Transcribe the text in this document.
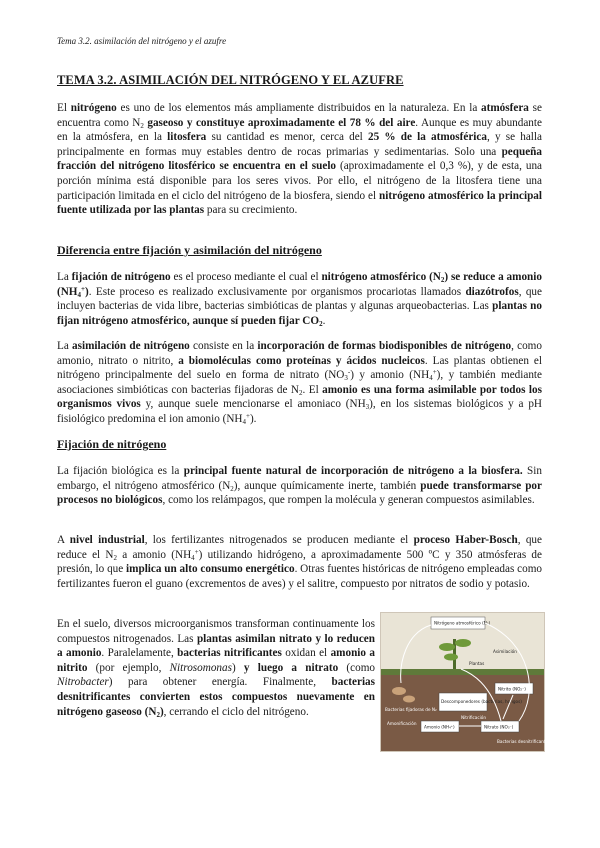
Tema 3.2. asimilación del nitrógeno y el azufre
TEMA 3.2. ASIMILACIÓN DEL NITRÓGENO Y EL AZUFRE

El nitrógeno es uno de los elementos más ampliamente distribuidos en la naturaleza. En la atmósfera se encuentra como $N_2$ gaseoso y constituye aproximadamente el 78 % del aire. Aunque es muy abundante en la atmósfera, en la litosfera su cantidad es menor, cerca del 25 % de la atmosférica, y se halla principalmente en formas muy estables dentro de rocas primarias y sedimentarias. Solo una pequeña fracción del nitrógeno litosférico se encuentra en el suelo (aproximadamente el 0,3 %), y de esta, una porción mínima está disponible para los seres vivos. Por ello, el nitrógeno de la litosfera tiene una participación limitada en el ciclo del nitrógeno de la biosfera, siendo el nitrógeno atmosférico la principal fuente utilizada por las plantas para su crecimiento.

Diferencia entre fijación y asimilación del nitrógeno

La fijación de nitrógeno es el proceso mediante el cual el nitrógeno atmosférico $(N_2)$ se reduce a amonio $(NH_4^+)$. Este proceso es realizado exclusivamente por organismos procariotas llamados diazótrofos, que incluyen bacterias de vida libre, bacterias simbióticas de plantas y algunas arqueobacterias. Las plantas no fijan nitrógeno atmosférico, aunque sí pueden fijar $CO_2$.

La asimilación de nitrógeno consiste en la incorporación de formas biodisponibles de nitrógeno, como amonio, nitrato o nitrito, a biomoléculas como proteínas y ácidos nucleicos. Las plantas obtienen el nitrógeno principalmente del suelo en forma de nitrato $(NO_3^-)$ y amonio $(NH_4^+)$, y también mediante asociaciones simbióticas con bacterias fijadoras de $N_2$. El amonio es una forma asimilable por todos los organismos vivos y, aunque suele mencionarse el amoniaco $(NH_3)$, en los sistemas biológicos y a pH fisiológico predomina el ion amonio $(NH_4^+)$.

Fijación de nitrógeno

La fijación biológica es la principal fuente natural de incorporación de nitrógeno a la biosfera. Sin embargo, el nitrógeno atmosférico $(N_2)$, aunque químicamente inerte, también puede transformarse por procesos no biológicos, como los relámpagos, que rompen la molécula y generan compuestos asimilables.

A nivel industrial, los fertilizantes nitrogenados se producen mediante el proceso Haber-Bosch, que reduce el $N_2$ a amonio $(NH_4^+)$ utilizando hidrógeno, a aproximadamente 500 ºC y 350 atmósferas de presión, lo que implica un alto consumo energético. Otras fuentes históricas de nitrógeno empleadas como fertilizantes fueron el guano (excrementos de aves) y el salitre, compuesto por nitratos de sodio y potasio.

En el suelo, diversos microorganismos transforman continuamente los compuestos nitrogenados. Las plantas asimilan nitrato y lo reducen a amonio. Paralelamente, bacterias nitrificantes oxidan el amonio a nitrito (por ejemplo, Nitrosomonas) y luego a nitrato (como Nitrobacter) para obtener energía. Finalmente, bacterias desnitrificantes convierten estos compuestos nuevamente en nitrógeno gaseoso $(N_2)$, cerrando el ciclo del nitrógeno.

Nitrógeno atmosférico (N₂)
Plantas
Bacterias fijadoras de N₂
Descomponedores (bacterias, hongos)
Amonio (NH₄⁺)
Nitrito (NO₂⁻)
Nitrato (NO₃⁻)
Nitrificación
Asimilación
Amonificación
Bacterias desnitrificantes
